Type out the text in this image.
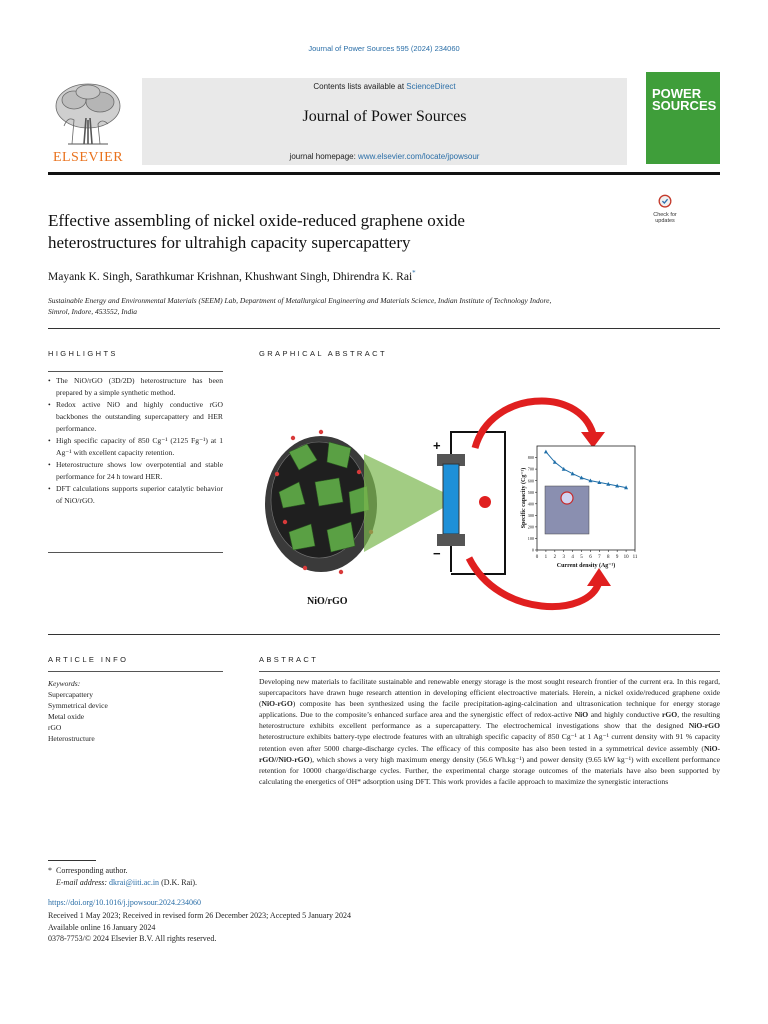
Journal of Power Sources 595 (2024) 234060
Contents lists available at ScienceDirect
Journal of Power Sources
journal homepage: www.elsevier.com/locate/jpowsour
ELSEVIER
POWER
SOURCES
Check for
updates
Effective assembling of nickel oxide-reduced graphene oxide
heterostructures for ultrahigh capacity supercapattery
Mayank K. Singh, Sarathkumar Krishnan, Khushwant Singh, Dhirendra K. Rai*
Sustainable Energy and Environmental Materials (SEEM) Lab, Department of Metallurgical Engineering and Materials Science, Indian Institute of Technology Indore,
Simrol, Indore, 453552, India
HIGHLIGHTS	GRAPHICAL ABSTRACT
• The NiO/rGO (3D/2D) heterostructure has been prepared by a simple synthetic method.
• Redox active NiO and highly conductive rGO backbones the outstanding supercapattery and HER performance.
• High specific capacity of 850 Cg⁻¹ (2125 Fg⁻¹) at 1 Ag⁻¹ with excellent capacity retention.
• Heterostructure shows low overpotential and stable performance for 24 h toward HER.
• DFT calculations supports superior catalytic behavior of NiO/rGO.
NiO/rGO
+
−	0 1 2 3 4 5 6 7 8 9 10 11
0
100
200
300
400
500
600
700
800
Current density (Ag⁻¹)
Specific capacity (Cg⁻¹)
ARTICLE INFO	ABSTRACT
Keywords:
Supercapattery
Symmetrical device
Metal oxide
rGO
Heterostructure
Developing new materials to facilitate sustainable and renewable energy storage is the most sought research frontier of the current era. In this regard, supercapacitors have drawn huge research attention in developing efficient electroactive materials. Herein, a nickel oxide/reduced graphene oxide (NiO-rGO) composite has been synthesized using the facile precipitation-aging-calcination and ultrasonication technique for energy storage applications. Due to the composite’s enhanced surface area and the synergistic effect of redox-active NiO and highly conductive rGO, the resulting heterostructure exhibits excellent performance as a supercapattery. The electrochemical investigations show that the designed NiO-rGO heterostructure exhibits battery-type electrode features with an ultrahigh specific capacity of 850 Cg⁻¹ at 1 Ag⁻¹ current density with 91 % capacity retention even after 5000 charge-discharge cycles. The efficacy of this composite has also been tested in a symmetrical device assembly (NiO-rGO//NiO-rGO), which shows a very high maximum energy density (56.6 Wh.kg⁻¹) and power density (9.65 kW kg⁻¹) with excellent performance retention for 10000 charge/discharge cycles. Further, the experimental charge storage outcomes of the materials have also been supported by calculating the energetics of OH* adsorption using DFT. This work provides a facile approach to maximize the synergistic interactions
* Corresponding author.
E-mail address: dkrai@iiti.ac.in (D.K. Rai).
https://doi.org/10.1016/j.jpowsour.2024.234060
Received 1 May 2023; Received in revised form 26 December 2023; Accepted 5 January 2024
Available online 16 January 2024
0378-7753/© 2024 Elsevier B.V. All rights reserved.
